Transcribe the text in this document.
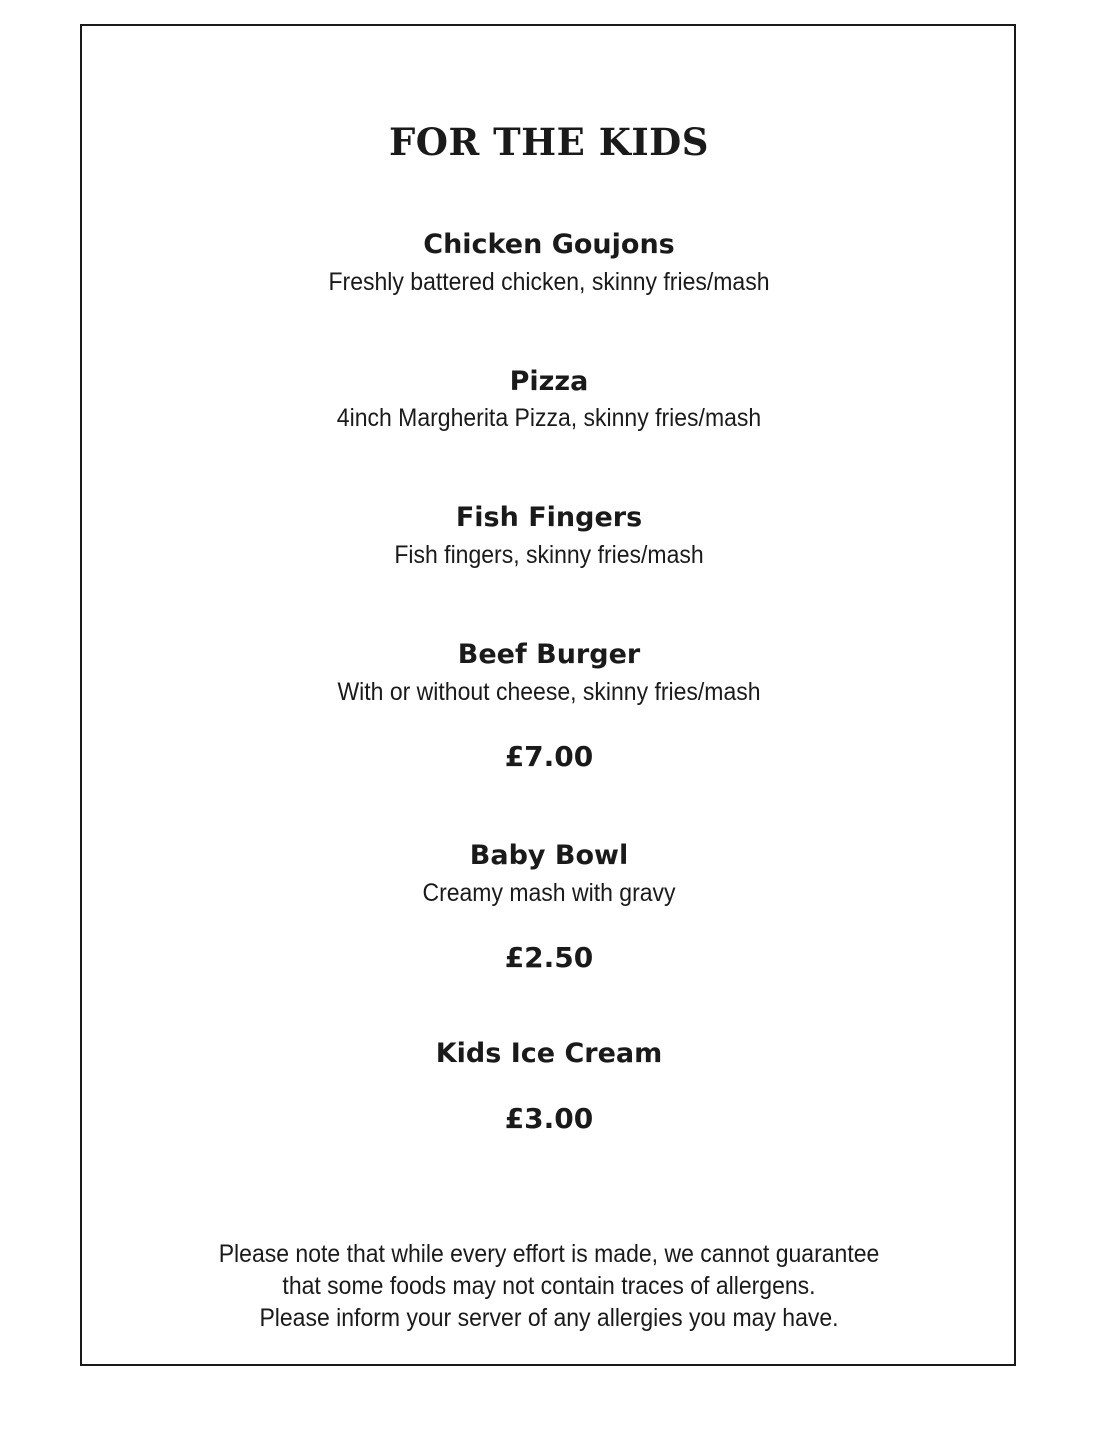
FOR THE KIDS

Chicken Goujons

Freshly battered chicken, skinny fries/mash

Pizza

4inch Margherita Pizza, skinny fries/mash

Fish Fingers

Fish fingers, skinny fries/mash

Beef Burger

With or without cheese, skinny fries/mash

£7.00

Baby Bowl

Creamy mash with gravy

£2.50

Kids Ice Cream

£3.00

Please note that while every effort is made, we cannot guarantee
that some foods may not contain traces of allergens.
Please inform your server of any allergies you may have.
